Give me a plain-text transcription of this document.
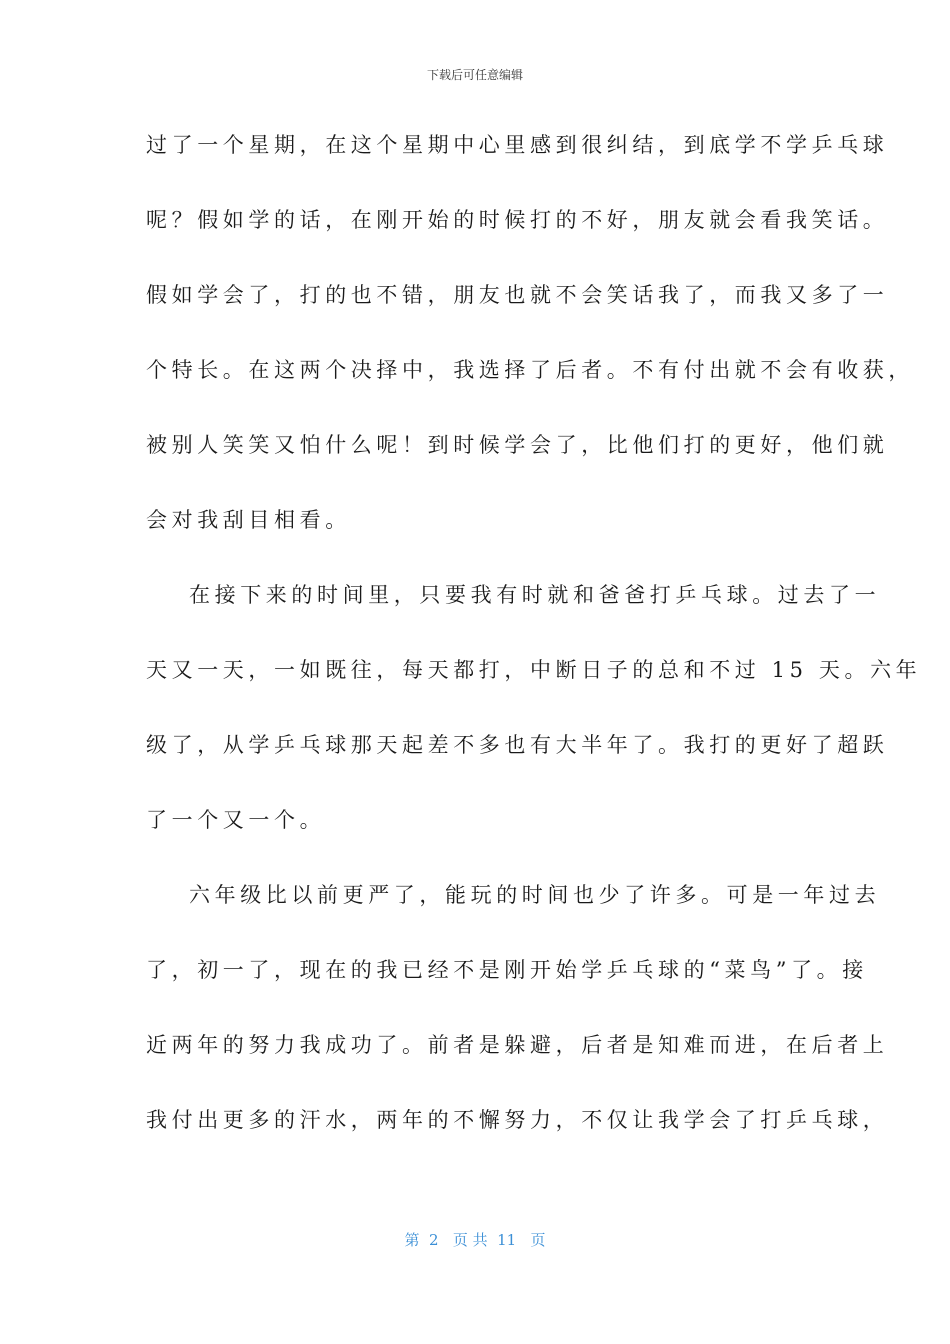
下载后可任意编辑
过了一个星期，在这个星期中心里感到很纠结，到底学不学乒乓球
呢？假如学的话，在刚开始的时候打的不好，朋友就会看我笑话。
假如学会了，打的也不错，朋友也就不会笑话我了，而我又多了一
个特长。在这两个决择中，我选择了后者。不有付出就不会有收获，
被别人笑笑又怕什么呢！到时候学会了，比他们打的更好，他们就
会对我刮目相看。
在接下来的时间里，只要我有时就和爸爸打乒乓球。过去了一
天又一天，一如既往，每天都打，中断日子的总和不过 15 天。六年
级了，从学乒乓球那天起差不多也有大半年了。我打的更好了超跃
了一个又一个。
六年级比以前更严了，能玩的时间也少了许多。可是一年过去
了，初一了，现在的我已经不是刚开始学乒乓球的“菜鸟”了。接
近两年的努力我成功了。前者是躲避，后者是知难而进，在后者上
我付出更多的汗水，两年的不懈努力，不仅让我学会了打乒乓球，
第  2   页 共  11   页
